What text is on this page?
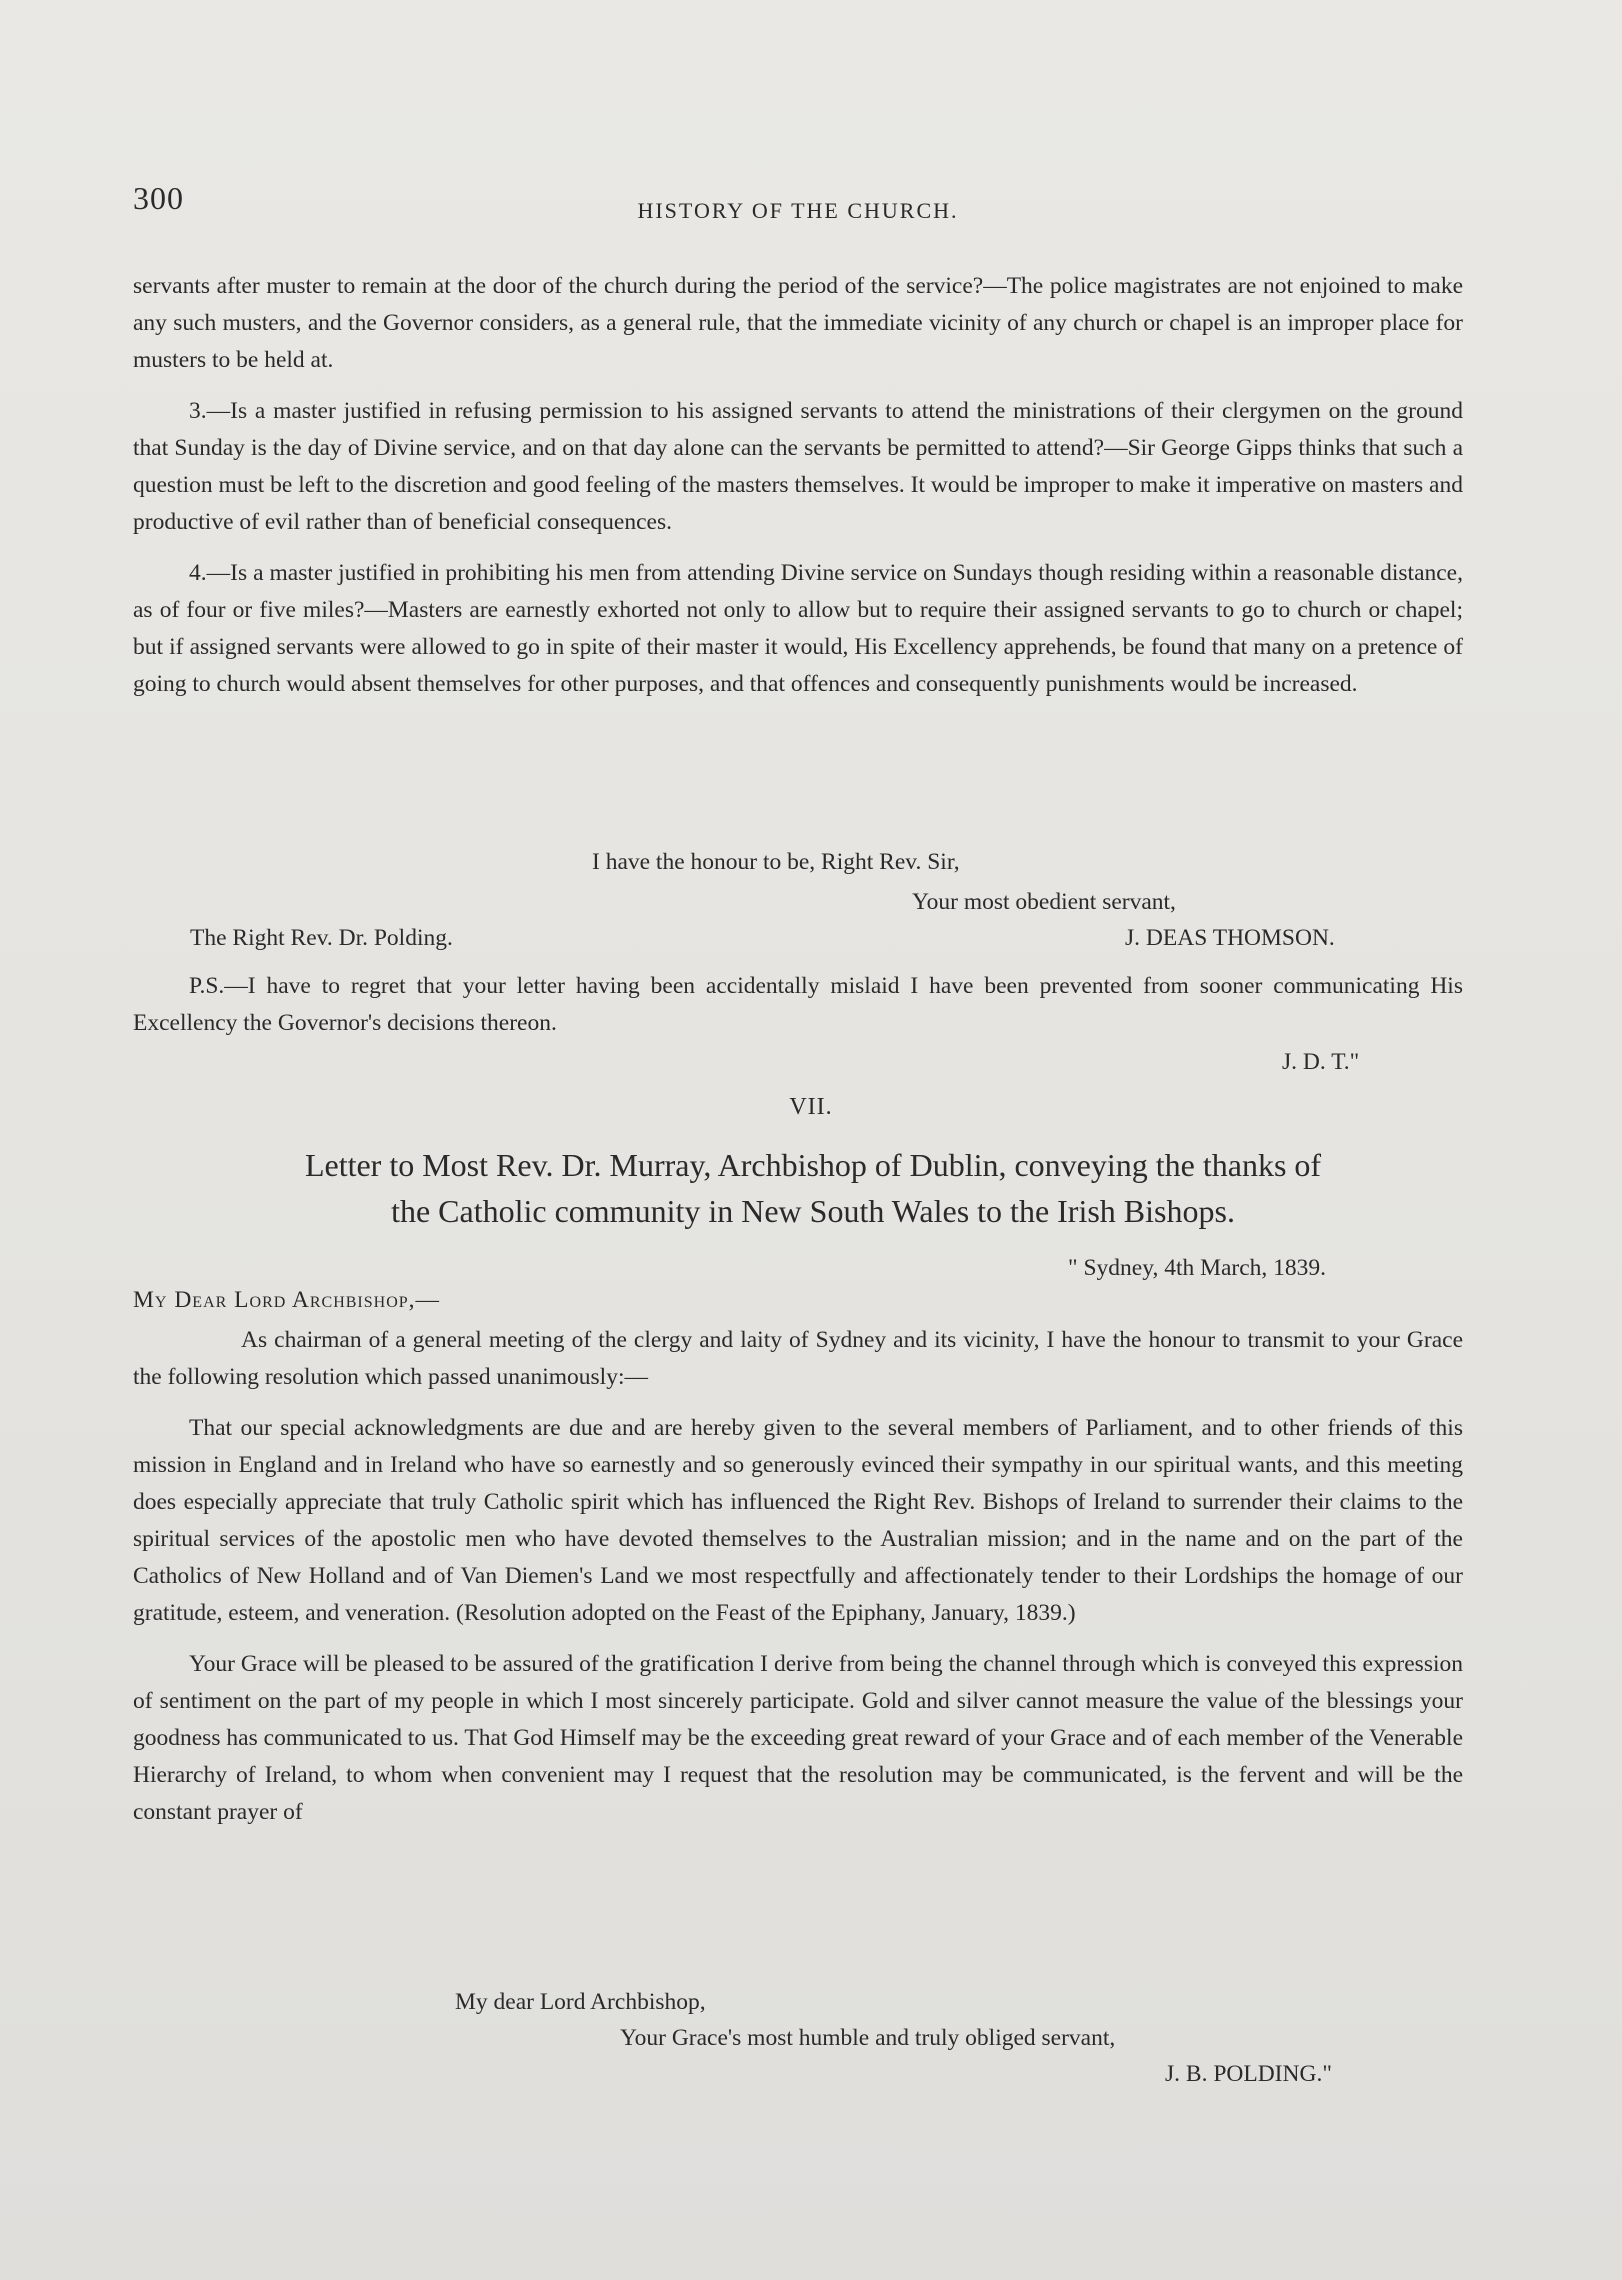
300	HISTORY OF THE CHURCH.

servants after muster to remain at the door of the church during the period of the service?—The police magistrates are not enjoined to make any such musters, and the Governor considers, as a general rule, that the immediate vicinity of any church or chapel is an improper place for musters to be held at.

3.—Is a master justified in refusing permission to his assigned servants to attend the ministrations of their clergymen on the ground that Sunday is the day of Divine service, and on that day alone can the servants be permitted to attend?—Sir George Gipps thinks that such a question must be left to the discretion and good feeling of the masters themselves. It would be improper to make it imperative on masters and productive of evil rather than of beneficial consequences.

4.—Is a master justified in prohibiting his men from attending Divine service on Sundays though residing within a reasonable distance, as of four or five miles?—Masters are earnestly exhorted not only to allow but to require their assigned servants to go to church or chapel; but if assigned servants were allowed to go in spite of their master it would, His Excellency apprehends, be found that many on a pretence of going to church would absent themselves for other purposes, and that offences and consequently punishments would be increased.

I have the honour to be, Right Rev. Sir,
Your most obedient servant,
The Right Rev. Dr. Polding.	J. DEAS THOMSON.

P.S.—I have to regret that your letter having been accidentally mislaid I have been prevented from sooner communicating His Excellency the Governor's decisions thereon.

J. D. T."
VII.
Letter to Most Rev. Dr. Murray, Archbishop of Dublin, conveying the thanks of
the Catholic community in New South Wales to the Irish Bishops.
" Sydney, 4th March, 1839.
My Dear Lord Archbishop,—

As chairman of a general meeting of the clergy and laity of Sydney and its vicinity, I have the honour to transmit to your Grace the following resolution which passed unanimously:—

That our special acknowledgments are due and are hereby given to the several members of Parliament, and to other friends of this mission in England and in Ireland who have so earnestly and so generously evinced their sympathy in our spiritual wants, and this meeting does especially appreciate that truly Catholic spirit which has influenced the Right Rev. Bishops of Ireland to surrender their claims to the spiritual services of the apostolic men who have devoted themselves to the Australian mission; and in the name and on the part of the Catholics of New Holland and of Van Diemen's Land we most respectfully and affectionately tender to their Lordships the homage of our gratitude, esteem, and veneration. (Resolution adopted on the Feast of the Epiphany, January, 1839.)

Your Grace will be pleased to be assured of the gratification I derive from being the channel through which is conveyed this expression of sentiment on the part of my people in which I most sincerely participate. Gold and silver cannot measure the value of the blessings your goodness has communicated to us. That God Himself may be the exceeding great reward of your Grace and of each member of the Venerable Hierarchy of Ireland, to whom when convenient may I request that the resolution may be communicated, is the fervent and will be the constant prayer of

My dear Lord Archbishop,
Your Grace's most humble and truly obliged servant,
J. B. POLDING."
